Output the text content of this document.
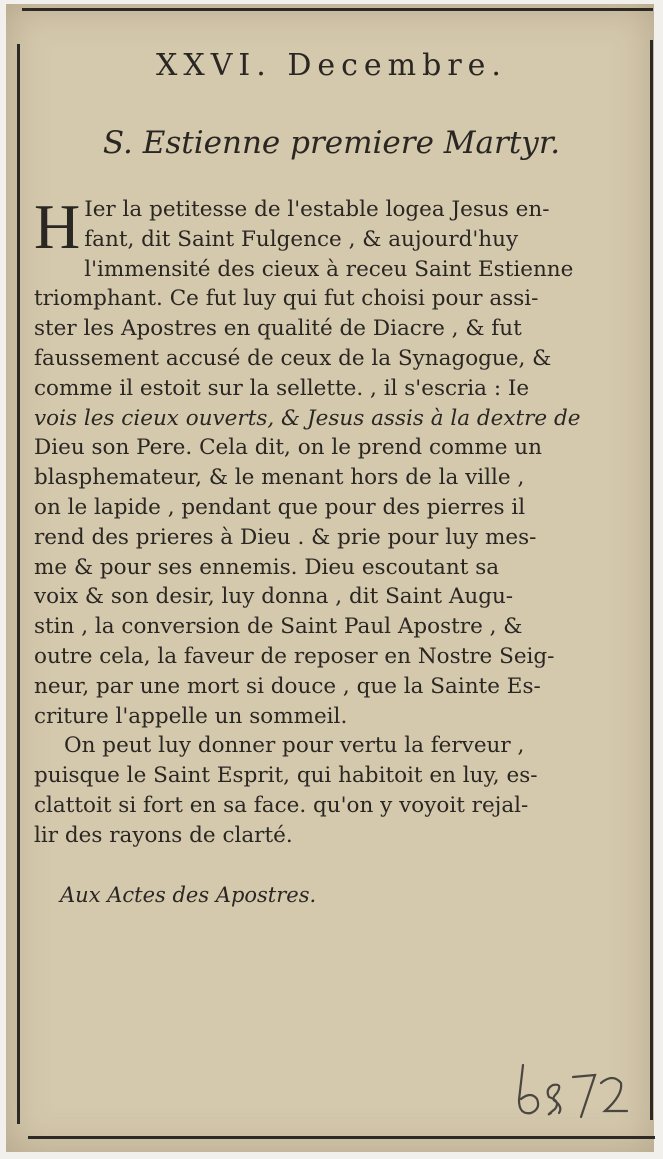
XXVI. Decembre.
S. Estienne premiere Martyr.
H Ier la petitesse de l'estable logea Jesus en-
fant, dit Saint Fulgence , & aujourd'huy
l'immensité des cieux à receu Saint Estienne
triomphant. Ce fut luy qui fut choisi pour assi-
ster les Apostres en qualité de Diacre , & fut
faussement accusé de ceux de la Synagogue, &
comme il estoit sur la sellette. , il s'escria : Ie
vois les cieux ouverts, & Jesus assis à la dextre de
Dieu son Pere. Cela dit, on le prend comme un
blasphemateur, & le menant hors de la ville ,
on le lapide , pendant que pour des pierres il
rend des prieres à Dieu . & prie pour luy mes-
me & pour ses ennemis. Dieu escoutant sa
voix & son desir, luy donna , dit Saint Augu-
stin , la conversion de Saint Paul Apostre , &
outre cela, la faveur de reposer en Nostre Seig-
neur, par une mort si douce , que la Sainte Es-
criture l'appelle un sommeil.
On peut luy donner pour vertu la ferveur ,
puisque le Saint Esprit, qui habitoit en luy, es-
clattoit si fort en sa face. qu'on y voyoit rejal-
lir des rayons de clarté.
Aux Actes des Apostres.
